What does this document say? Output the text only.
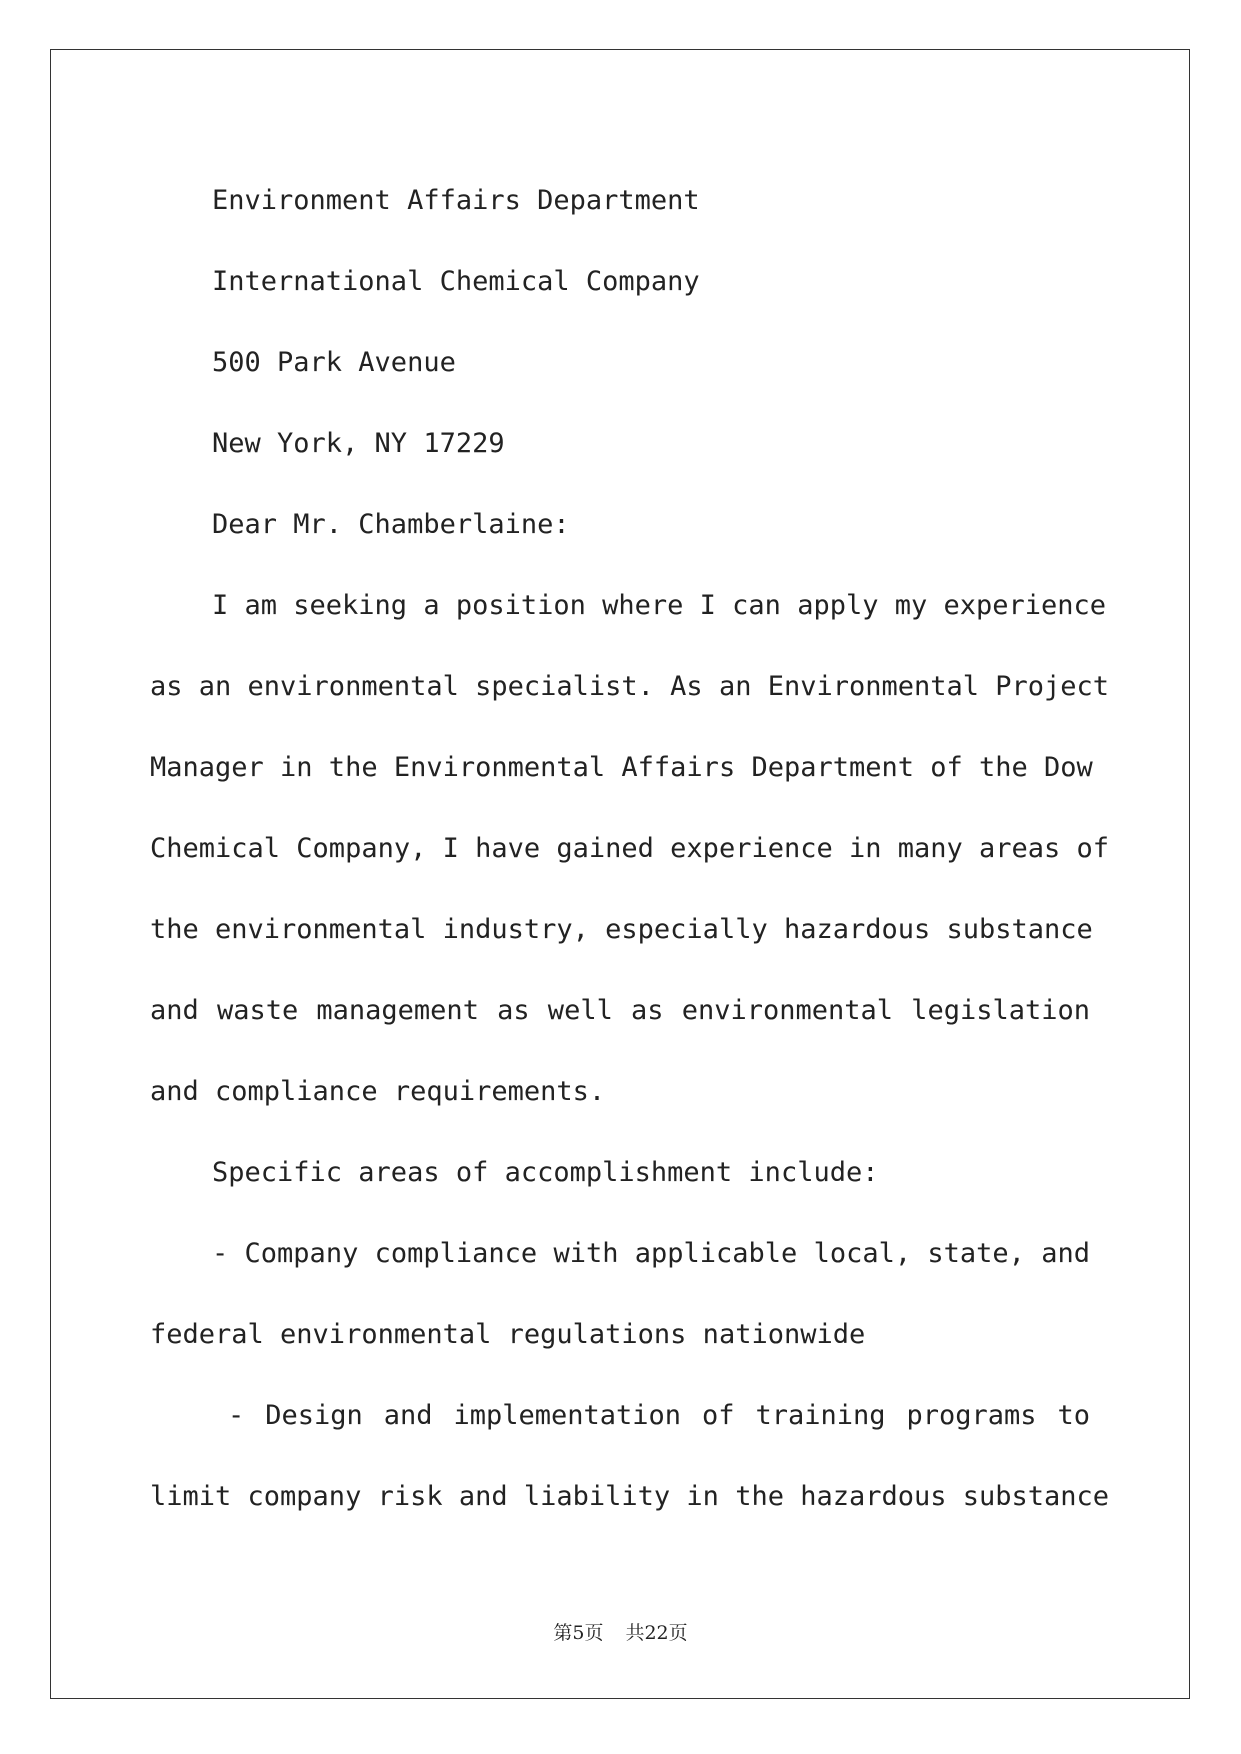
Environment Affairs Department

International Chemical Company

500 Park Avenue

New York, NY 17229

Dear Mr. Chamberlaine:

I am seeking a position where I can apply my experience

as an environmental specialist. As an Environmental Project

Manager in the Environmental Affairs Department of the Dow

Chemical Company, I have gained experience in many areas of

the environmental industry, especially hazardous substance

and waste management as well as environmental legislation

and compliance requirements.

Specific areas of accomplishment include:

- Company compliance with applicable local, state, and

federal environmental regulations nationwide

- Design and implementation of training programs to

limit company risk and liability in the hazardous substance

第5页 共22页
